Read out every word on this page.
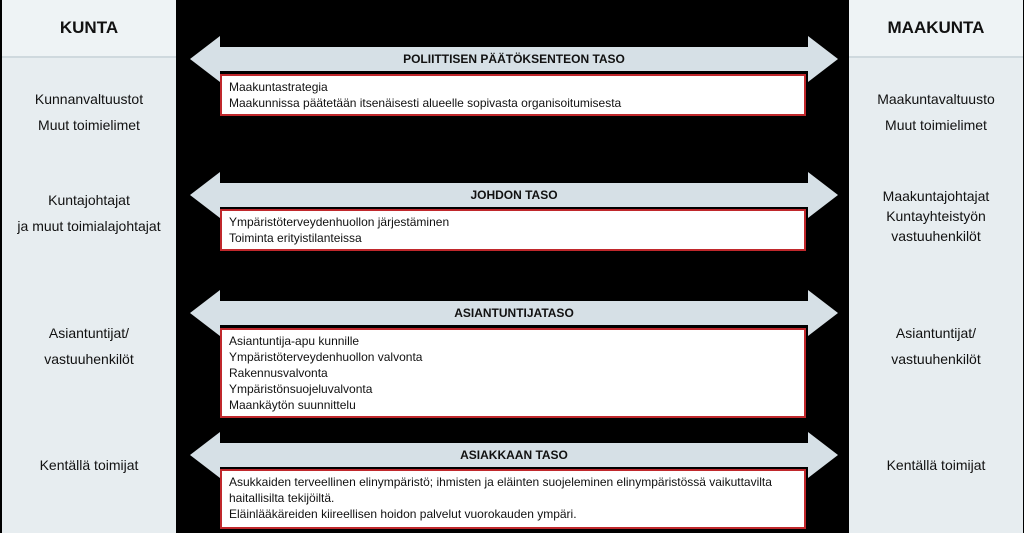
KUNTA
Kunnanvaltuustot
Muut toimielimet
Kuntajohtajat
ja muut toimialajohtajat
Asiantuntijat/
vastuuhenkilöt
Kentällä toimijat
MAAKUNTA
Maakuntavaltuusto
Muut toimielimet
Maakuntajohtajat
Kuntayhteistyön
vastuuhenkilöt
Asiantuntijat/
vastuuhenkilöt
Kentällä toimijat
POLIITTISEN PÄÄTÖKSENTEON TASO
Maakuntastrategia
Maakunnissa päätetään itsenäisesti alueelle sopivasta organisoitumisesta
JOHDON TASO
Ympäristöterveydenhuollon järjestäminen
Toiminta erityistilanteissa
ASIANTUNTIJATASO
Asiantuntija-apu kunnille
Ympäristöterveydenhuollon valvonta
Rakennusvalvonta
Ympäristönsuojeluvalvonta
Maankäytön suunnittelu
ASIAKKAAN TASO
Asukkaiden terveellinen elinympäristö; ihmisten ja eläinten suojeleminen elinympäristössä vaikuttavilta
haitallisilta tekijöiltä.
Eläinlääkäreiden kiireellisen hoidon palvelut vuorokauden ympäri.
